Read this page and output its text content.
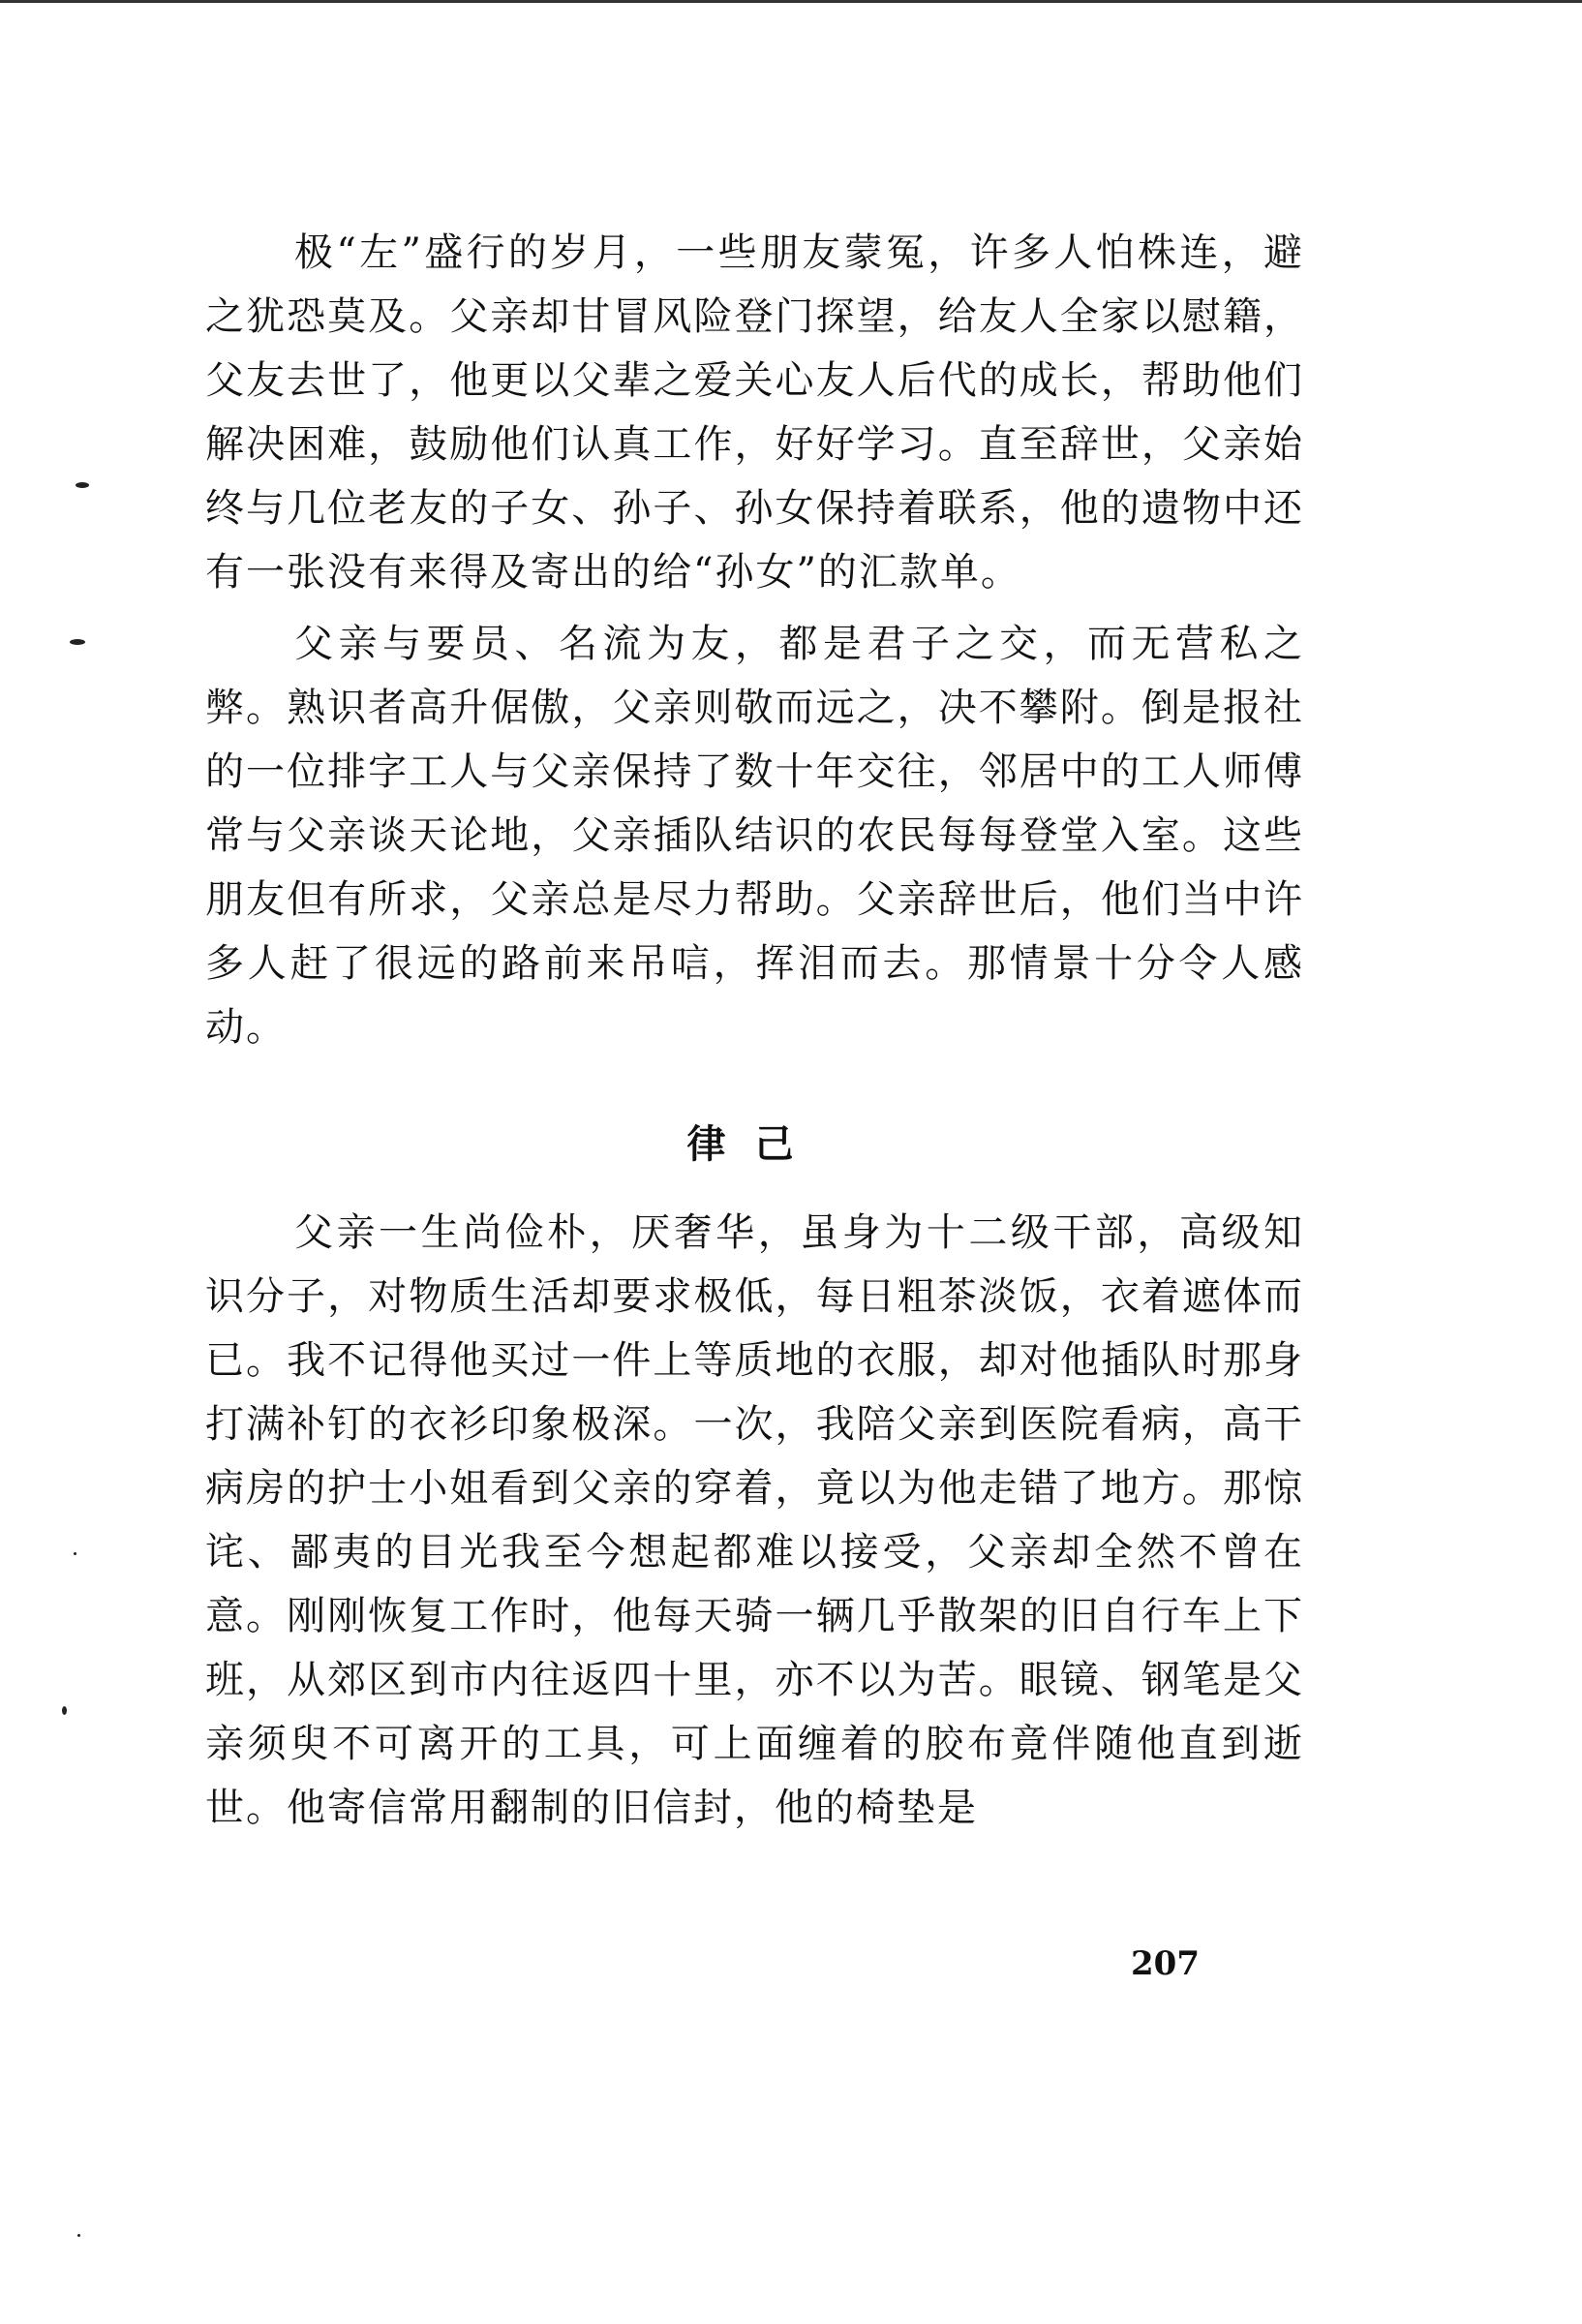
极“左”盛行的岁月，一些朋友蒙冤，许多人怕株连，避之犹恐莫及。父亲却甘冒风险登门探望，给友人全家以慰籍，父友去世了，他更以父辈之爱关心友人后代的成长，帮助他们解决困难，鼓励他们认真工作，好好学习。直至辞世，父亲始终与几位老友的子女、孙子、孙女保持着联系，他的遗物中还有一张没有来得及寄出的给“孙女”的汇款单。

父亲与要员、名流为友，都是君子之交，而无营私之弊。熟识者高升倨傲，父亲则敬而远之，决不攀附。倒是报社的一位排字工人与父亲保持了数十年交往，邻居中的工人师傅常与父亲谈天论地，父亲插队结识的农民每每登堂入室。这些朋友但有所求，父亲总是尽力帮助。父亲辞世后，他们当中许多人赶了很远的路前来吊唁，挥泪而去。那情景十分令人感动。

律己

父亲一生尚俭朴，厌奢华，虽身为十二级干部，高级知识分子，对物质生活却要求极低，每日粗茶淡饭，衣着遮体而已。我不记得他买过一件上等质地的衣服，却对他插队时那身打满补钉的衣衫印象极深。一次，我陪父亲到医院看病，高干病房的护士小姐看到父亲的穿着，竟以为他走错了地方。那惊诧、鄙夷的目光我至今想起都难以接受，父亲却全然不曾在意。刚刚恢复工作时，他每天骑一辆几乎散架的旧自行车上下班，从郊区到市内往返四十里，亦不以为苦。眼镜、钢笔是父亲须臾不可离开的工具，可上面缠着的胶布竟伴随他直到逝世。他寄信常用翻制的旧信封，他的椅垫是

207
